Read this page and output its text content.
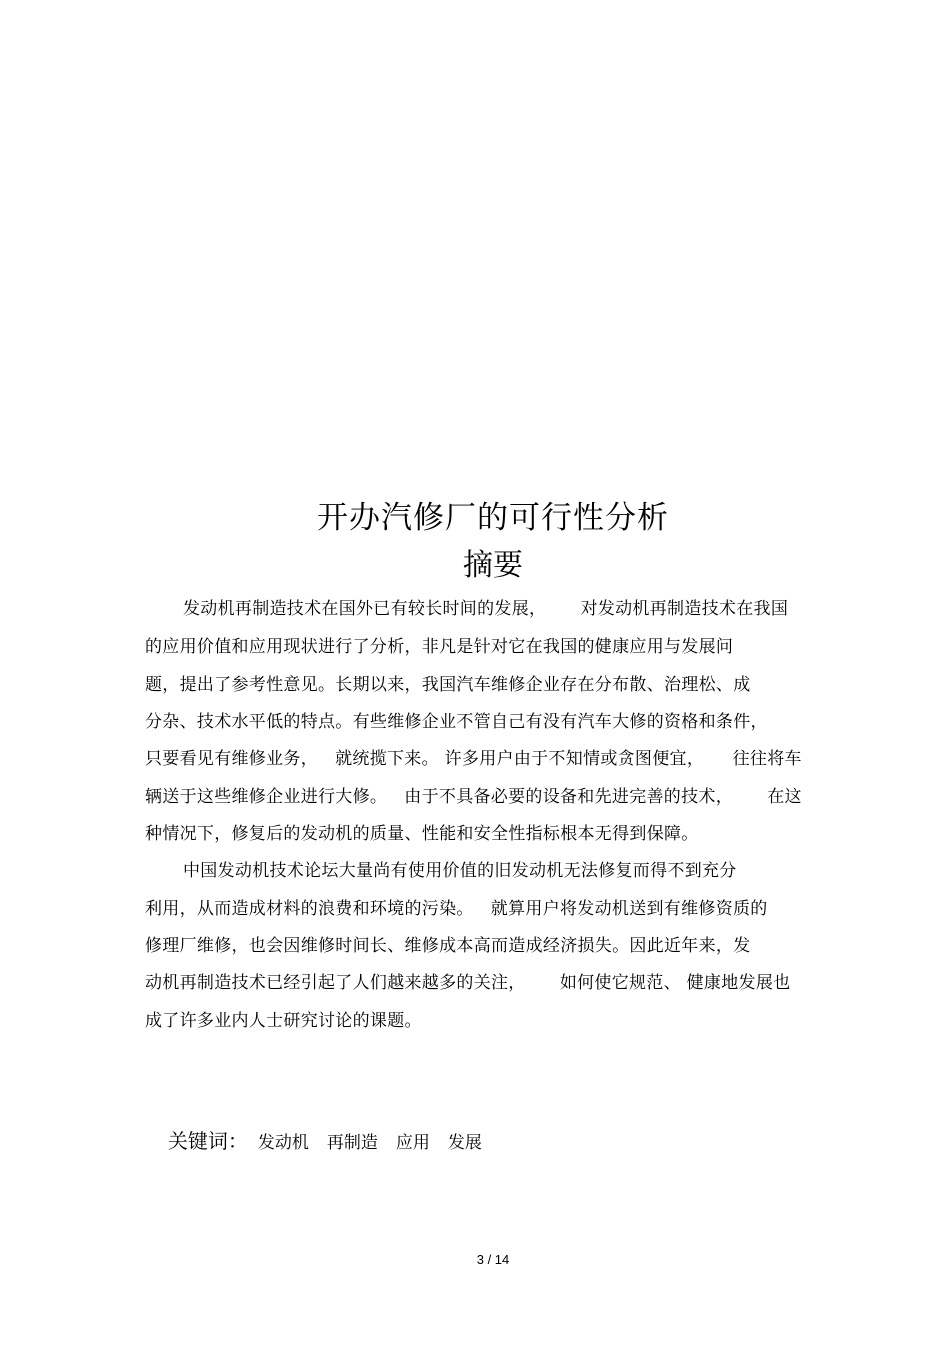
开办汽修厂的可行性分析
摘要
发动机再制造技术在国外已有较长时间的发展，      对发动机再制造技术在我国
的应用价值和应用现状进行了分析，非凡是针对它在我国的健康应用与发展问
题，提出了参考性意见。长期以来，我国汽车维修企业存在分布散、治理松、成
分杂、技术水平低的特点。有些维修企业不管自己有没有汽车大修的资格和条件，
只要看见有维修业务，   就统揽下来。 许多用户由于不知情或贪图便宜，     往往将车
辆送于这些维修企业进行大修。   由于不具备必要的设备和先进完善的技术，      在这
种情况下，修复后的发动机的质量、性能和安全性指标根本无得到保障。
中国发动机技术论坛大量尚有使用价值的旧发动机无法修复而得不到充分
利用，从而造成材料的浪费和环境的污染。   就算用户将发动机送到有维修资质的
修理厂维修，也会因维修时间长、维修成本高而造成经济损失。因此近年来，发
动机再制造技术已经引起了人们越来越多的关注，      如何使它规范、 健康地发展也
成了许多业内人士研究讨论的课题。

关键词： 发动机 再制造 应用 发展

3 / 14
